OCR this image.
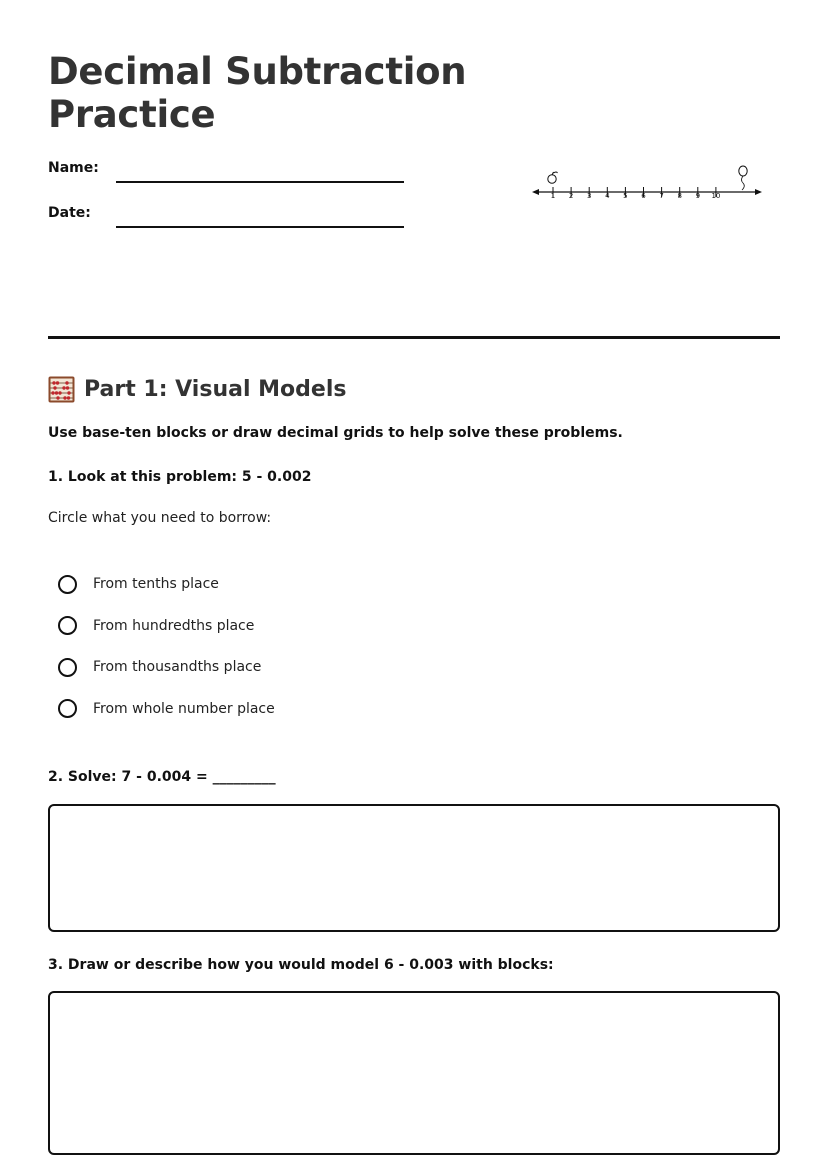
Decimal Subtraction Practice
Name:
Date:
1 2 3 4 5 6 7 8 9 10
Part 1: Visual Models
Use base-ten blocks or draw decimal grids to help solve these problems.
1. Look at this problem: 5 - 0.002
Circle what you need to borrow:
From tenths place
From hundredths place
From thousandths place
From whole number place
2. Solve: 7 - 0.004 = _________
3. Draw or describe how you would model 6 - 0.003 with blocks:
